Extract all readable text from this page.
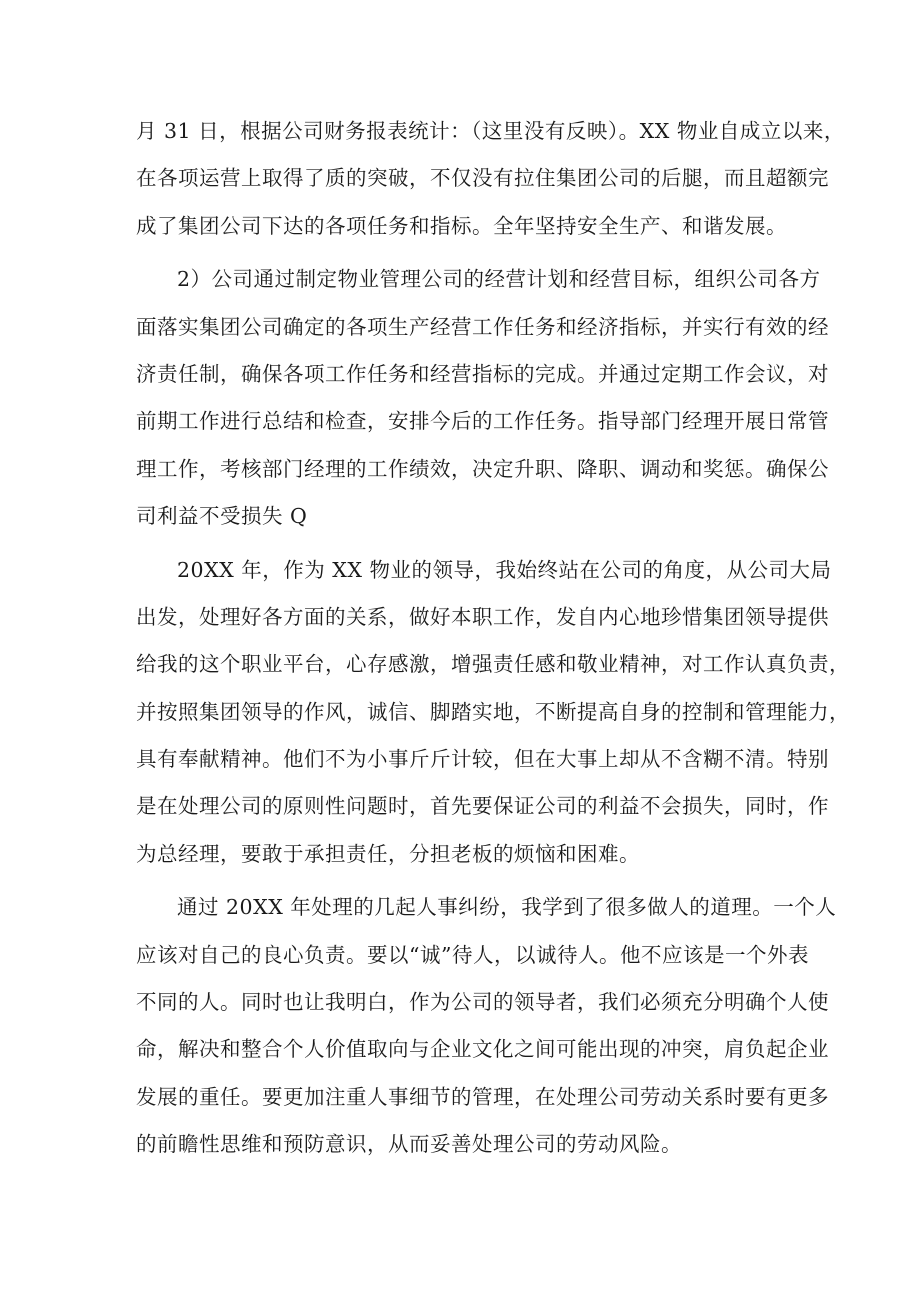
月 31 日，根据公司财务报表统计：（这里没有反映）。XX 物业自成立以来，
在各项运营上取得了质的突破，不仅没有拉住集团公司的后腿，而且超额完
成了集团公司下达的各项任务和指标。全年坚持安全生产、和谐发展。
2）公司通过制定物业管理公司的经营计划和经营目标，组织公司各方
面落实集团公司确定的各项生产经营工作任务和经济指标，并实行有效的经
济责任制，确保各项工作任务和经营指标的完成。并通过定期工作会议，对
前期工作进行总结和检查，安排今后的工作任务。指导部门经理开展日常管
理工作，考核部门经理的工作绩效，决定升职、降职、调动和奖惩。确保公
司利益不受损失 Q
20XX 年，作为 XX 物业的领导，我始终站在公司的角度，从公司大局
出发，处理好各方面的关系，做好本职工作，发自内心地珍惜集团领导提供
给我的这个职业平台，心存感激，增强责任感和敬业精神，对工作认真负责，
并按照集团领导的作风，诚信、脚踏实地，不断提高自身的控制和管理能力，
具有奉献精神。他们不为小事斤斤计较，但在大事上却从不含糊不清。特别
是在处理公司的原则性问题时，首先要保证公司的利益不会损失，同时，作
为总经理，要敢于承担责任，分担老板的烦恼和困难。
通过 20XX 年处理的几起人事纠纷，我学到了很多做人的道理。一个人
应该对自己的良心负责。要以“诚”待人，以诚待人。他不应该是一个外表
不同的人。同时也让我明白，作为公司的领导者，我们必须充分明确个人使
命，解决和整合个人价值取向与企业文化之间可能出现的冲突，肩负起企业
发展的重任。要更加注重人事细节的管理，在处理公司劳动关系时要有更多
的前瞻性思维和预防意识，从而妥善处理公司的劳动风险。
